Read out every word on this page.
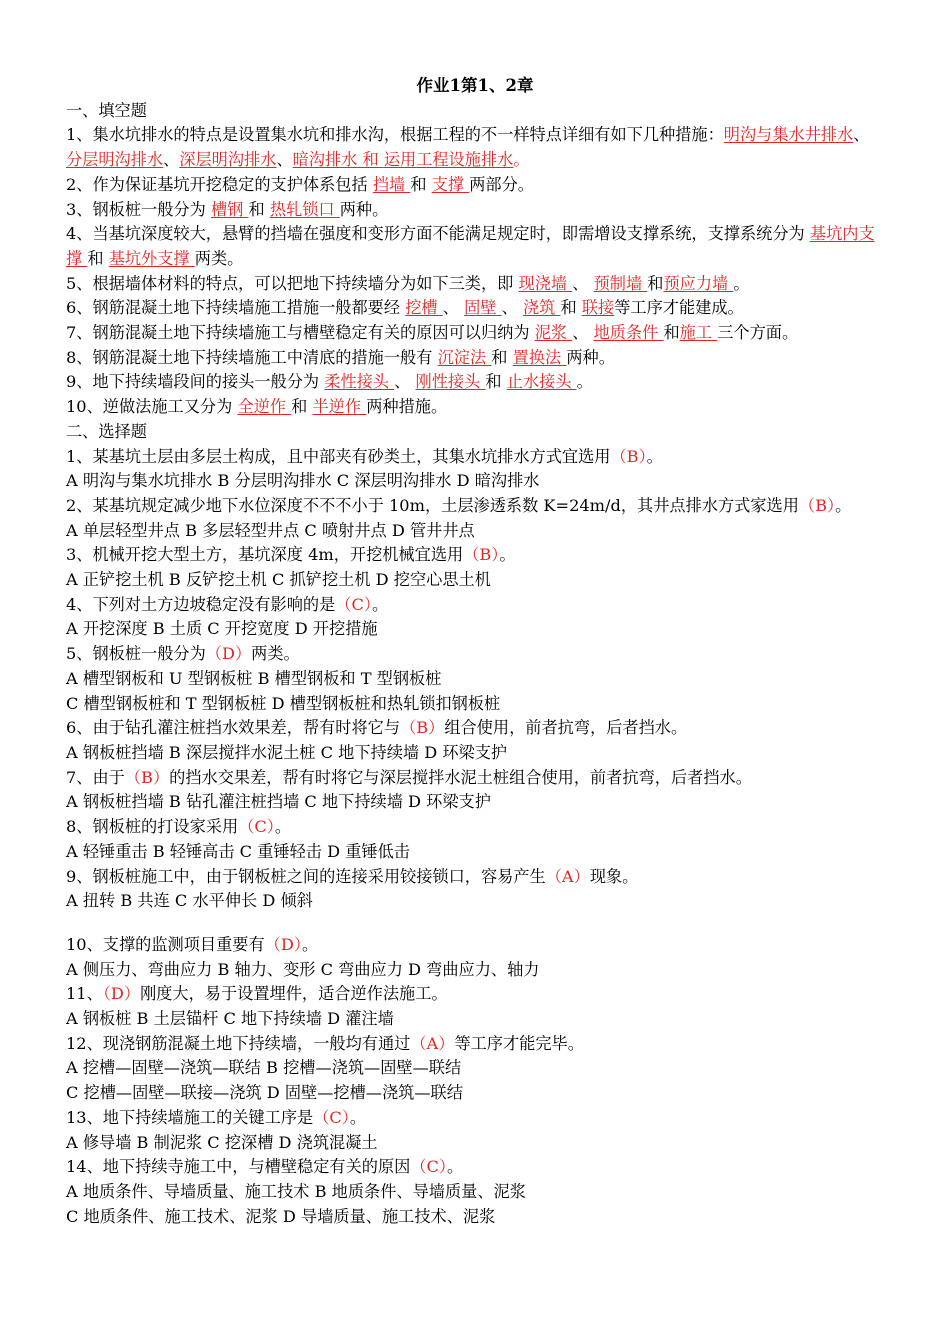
作业1第1、2章
一、填空题
1、集水坑排水的特点是设置集水坑和排水沟，根据工程的不一样特点详细有如下几种措施：明沟与集水井排水、分层明沟排水、深层明沟排水、暗沟排水 和 运用工程设施排水。
2、作为保证基坑开挖稳定的支护体系包括 挡墙 和 支撑 两部分。
3、钢板桩一般分为 槽钢 和 热轧锁口 两种。
4、当基坑深度较大，悬臂的挡墙在强度和变形方面不能满足规定时，即需增设支撑系统，支撑系统分为 基坑内支撑 和 基坑外支撑 两类。
5、根据墙体材料的特点，可以把地下持续墙分为如下三类，即 现浇墙 、 预制墙 和预应力墙 。
6、钢筋混凝土地下持续墙施工措施一般都要经 挖槽 、 固壁 、 浇筑 和 联接等工序才能建成。
7、钢筋混凝土地下持续墙施工与槽壁稳定有关的原因可以归纳为 泥浆 、 地质条件 和施工 三个方面。
8、钢筋混凝土地下持续墙施工中清底的措施一般有 沉淀法 和 置换法 两种。
9、地下持续墙段间的接头一般分为 柔性接头 、 刚性接头 和 止水接头 。
10、逆做法施工又分为 全逆作 和 半逆作 两种措施。
二、选择题
1、某基坑土层由多层土构成，且中部夹有砂类土，其集水坑排水方式宜选用（B）。
A 明沟与集水坑排水 B 分层明沟排水 C 深层明沟排水 D 暗沟排水
2、某基坑规定减少地下水位深度不不不小于 10m，土层渗透系数 K=24m/d，其井点排水方式家选用（B）。
A 单层轻型井点 B 多层轻型井点 C 喷射井点 D 管井井点
3、机械开挖大型土方，基坑深度 4m，开挖机械宜选用（B）。
A 正铲挖土机 B 反铲挖土机 C 抓铲挖土机 D 挖空心思土机
4、下列对土方边坡稳定没有影响的是（C）。
A 开挖深度 B 土质 C 开挖宽度 D 开挖措施
5、钢板桩一般分为（D）两类。
A 槽型钢板和 U 型钢板桩 B 槽型钢板和 T 型钢板桩
C 槽型钢板桩和 T 型钢板桩 D 槽型钢板桩和热轧锁扣钢板桩
6、由于钻孔灌注桩挡水效果差，帮有时将它与（B）组合使用，前者抗弯，后者挡水。
A 钢板桩挡墙 B 深层搅拌水泥土桩 C 地下持续墙 D 环梁支护
7、由于（B）的挡水交果差，帮有时将它与深层搅拌水泥土桩组合使用，前者抗弯，后者挡水。
A 钢板桩挡墙 B 钻孔灌注桩挡墙 C 地下持续墙 D 环梁支护
8、钢板桩的打设家采用（C）。
A 轻锤重击 B 轻锤高击 C 重锤轻击 D 重锤低击
9、钢板桩施工中，由于钢板桩之间的连接采用铰接锁口，容易产生（A）现象。
A 扭转 B 共连 C 水平伸长 D 倾斜
10、支撑的监测项目重要有（D）。
A 侧压力、弯曲应力 B 轴力、变形 C 弯曲应力 D 弯曲应力、轴力
11、（D）刚度大，易于设置埋件，适合逆作法施工。
A 钢板桩 B 土层锚杆 C 地下持续墙 D 灌注墙
12、现浇钢筋混凝土地下持续墙，一般均有通过（A）等工序才能完毕。
A 挖槽—固壁—浇筑—联结 B 挖槽—浇筑—固壁—联结
C 挖槽—固壁—联接—浇筑 D 固壁—挖槽—浇筑—联结
13、地下持续墙施工的关键工序是（C）。
A 修导墙 B 制泥浆 C 挖深槽 D 浇筑混凝土
14、地下持续寺施工中，与槽壁稳定有关的原因（C）。
A 地质条件、导墙质量、施工技术 B 地质条件、导墙质量、泥浆
C 地质条件、施工技术、泥浆 D 导墙质量、施工技术、泥浆
